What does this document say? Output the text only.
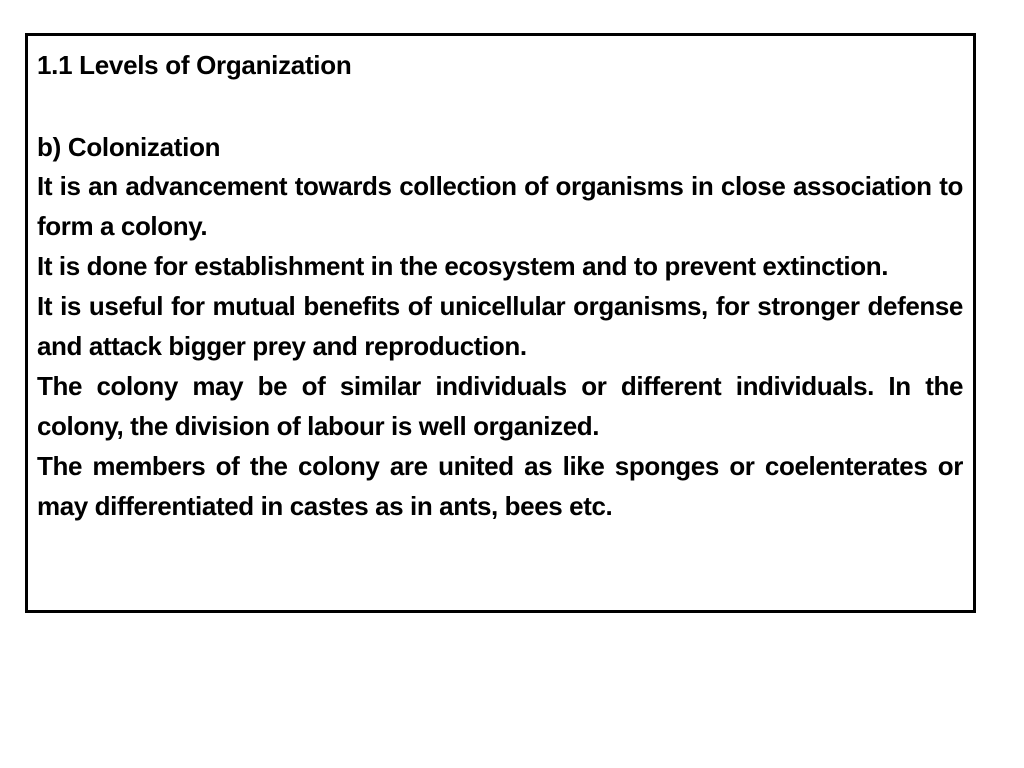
1.1 Levels of Organization
b) Colonization

It is an advancement towards collection of organisms in close association to form a colony.

It is done for establishment in the ecosystem and to prevent extinction.

It is useful for mutual benefits of unicellular organisms, for stronger defense and attack bigger prey and reproduction.

The colony may be of similar individuals or different individuals. In the colony, the division of labour is well organized.

The members of the colony are united as like sponges or coelenterates or may differentiated in castes as in ants, bees etc.
